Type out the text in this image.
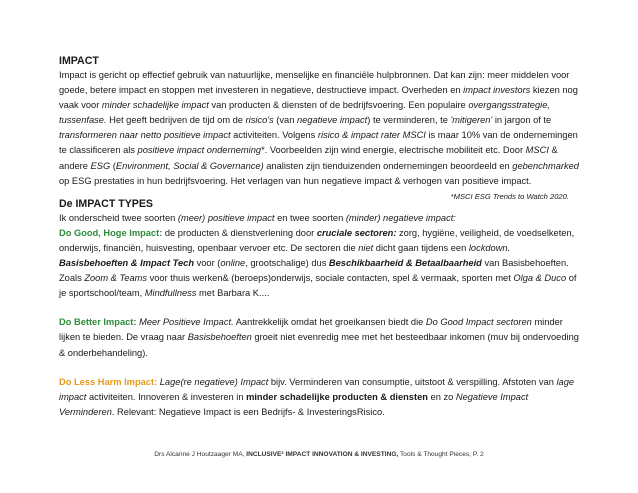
IMPACT
Impact is gericht op effectief gebruik van natuurlijke, menselijke en financiële hulpbronnen. Dat kan zijn: meer middelen voor goede, betere impact en stoppen met investeren in negatieve, destructieve impact. Overheden en impact investors kiezen nog vaak voor minder schadelijke impact van producten & diensten of de bedrijfsvoering. Een populaire overgangsstrategie, tussenfase. Het geeft bedrijven de tijd om de risico's (van negatieve impact) te verminderen, te 'mitigeren' in jargon of te transformeren naar netto positieve impact activiteiten. Volgens risico & impact rater MSCI is maar 10% van de ondernemingen te classificeren als positieve impact onderneming*. Voorbeelden zijn wind energie, electrische mobiliteit etc. Door MSCI & andere ESG (Environment, Social & Governance) analisten zijn tienduizenden ondernemingen beoordeeld en gebenchmarked op ESG prestaties in hun bedrijfsvoering. Het verlagen van hun negatieve impact & verhogen van positieve impact.
*MSCI ESG Trends to Watch 2020.
De IMPACT TYPES
Ik onderscheid twee soorten (meer) positieve impact en twee soorten (minder) negatieve impact:
Do Good, Hoge Impact: de producten & dienstverlening door cruciale sectoren: zorg, hygiëne, veiligheid, de voedselketen, onderwijs, financiën, huisvesting, openbaar vervoer etc. De sectoren die niet dicht gaan tijdens een lockdown. Basisbehoeften & Impact Tech voor (online, grootschalige) dus Beschikbaarheid & Betaalbaarheid van Basisbehoeften. Zoals Zoom & Teams voor thuis werken& (beroeps)onderwijs, sociale contacten, spel & vermaak, sporten met Olga & Duco of je sportschool/team, Mindfullness met Barbara K....
Do Better Impact: Meer Positieve Impact. Aantrekkelijk omdat het groeikansen biedt die Do Good Impact sectoren minder lijken te bieden. De vraag naar Basisbehoeften groeit niet evenredig mee met het besteedbaar inkomen (muv bij ondervoeding & onderbehandeling).
Do Less Harm Impact: Lage(re negatieve) Impact bijv. Verminderen van consumptie, uitstoot & verspilling. Afstoten van lage impact activiteiten. Innoveren & investeren in minder schadelijke producten & diensten en zo Negatieve Impact Verminderen. Relevant: Negatieve Impact is een Bedrijfs- & InvesteringsRisico.
Drs Alcanne J Houtzaager MA, INCLUSIVE³ IMPACT INNOVATION & INVESTING, Tools & Thought Pieces, P. 2
